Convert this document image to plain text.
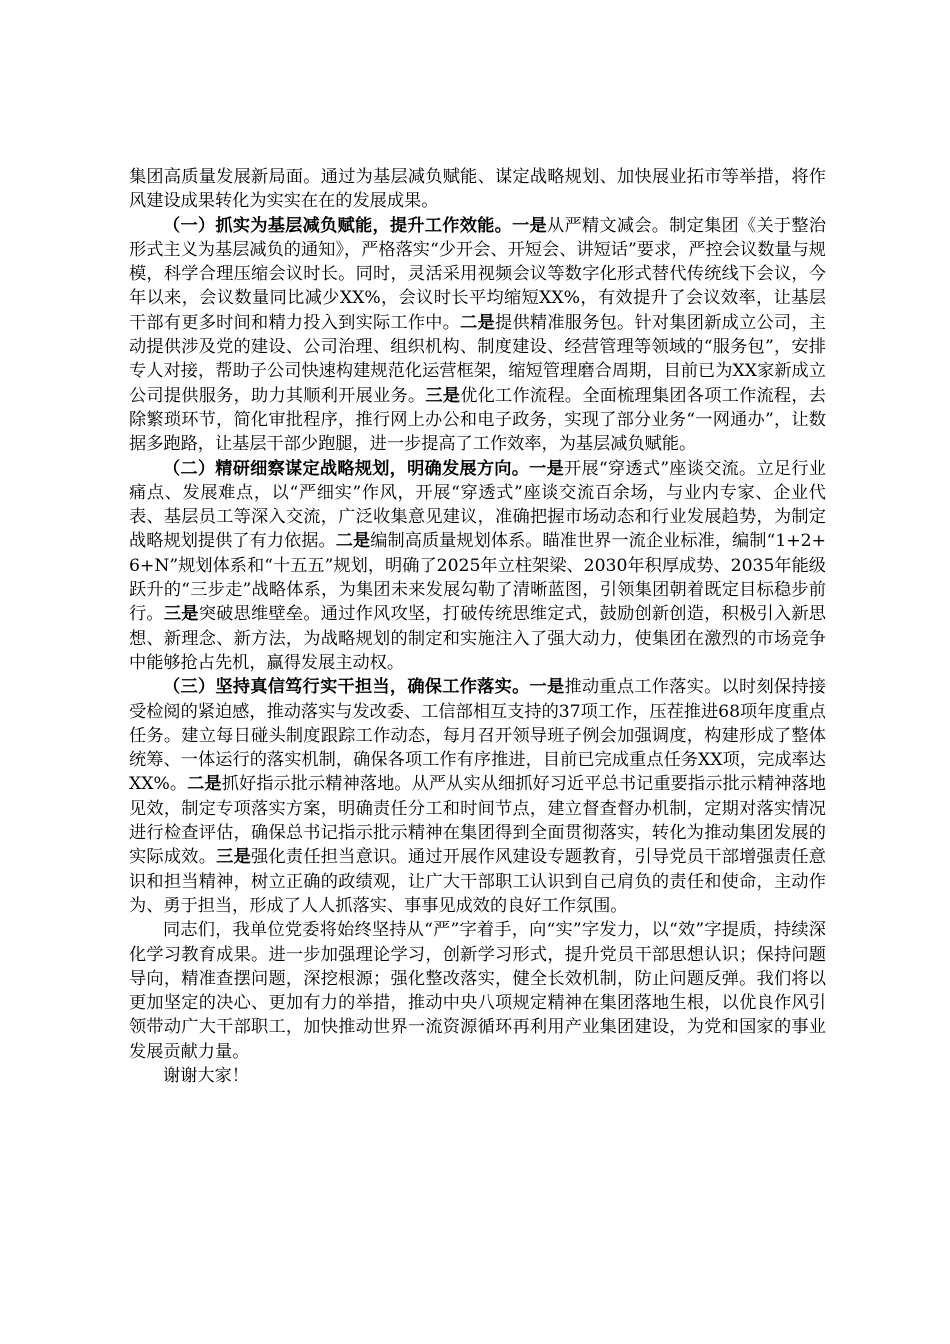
集团高质量发展新局面。通过为基层减负赋能、谋定战略规划、加快展业拓市等举措，将作风建设成果转化为实实在在的发展成果。

（一）抓实为基层减负赋能，提升工作效能。一是从严精文减会。制定集团《关于整治形式主义为基层减负的通知》，严格落实“少开会、开短会、讲短话”要求，严控会议数量与规模，科学合理压缩会议时长。同时，灵活采用视频会议等数字化形式替代传统线下会议，今年以来，会议数量同比减少XX%，会议时长平均缩短XX%，有效提升了会议效率，让基层干部有更多时间和精力投入到实际工作中。二是提供精准服务包。针对集团新成立公司，主动提供涉及党的建设、公司治理、组织机构、制度建设、经营管理等领域的“服务包”，安排专人对接，帮助子公司快速构建规范化运营框架，缩短管理磨合周期，目前已为XX家新成立公司提供服务，助力其顺利开展业务。三是优化工作流程。全面梳理集团各项工作流程，去除繁琐环节，简化审批程序，推行网上办公和电子政务，实现了部分业务“一网通办”，让数据多跑路，让基层干部少跑腿，进一步提高了工作效率，为基层减负赋能。

（二）精研细察谋定战略规划，明确发展方向。一是开展“穿透式”座谈交流。立足行业痛点、发展难点，以“严细实”作风，开展“穿透式”座谈交流百余场，与业内专家、企业代表、基层员工等深入交流，广泛收集意见建议，准确把握市场动态和行业发展趋势，为制定战略规划提供了有力依据。二是编制高质量规划体系。瞄准世界一流企业标准，编制“1+2+6+N”规划体系和“十五五”规划，明确了2025年立柱架梁、2030年积厚成势、2035年能级跃升的“三步走”战略体系，为集团未来发展勾勒了清晰蓝图，引领集团朝着既定目标稳步前行。三是突破思维壁垒。通过作风攻坚，打破传统思维定式，鼓励创新创造，积极引入新思想、新理念、新方法，为战略规划的制定和实施注入了强大动力，使集团在激烈的市场竞争中能够抢占先机，赢得发展主动权。

（三）坚持真信笃行实干担当，确保工作落实。一是推动重点工作落实。以时刻保持接受检阅的紧迫感，推动落实与发改委、工信部相互支持的37项工作，压茬推进68项年度重点任务。建立每日碰头制度跟踪工作动态，每月召开领导班子例会加强调度，构建形成了整体统筹、一体运行的落实机制，确保各项工作有序推进，目前已完成重点任务XX项，完成率达XX%。二是抓好指示批示精神落地。从严从实从细抓好习近平总书记重要指示批示精神落地见效，制定专项落实方案，明确责任分工和时间节点，建立督查督办机制，定期对落实情况进行检查评估，确保总书记指示批示精神在集团得到全面贯彻落实，转化为推动集团发展的实际成效。三是强化责任担当意识。通过开展作风建设专题教育，引导党员干部增强责任意识和担当精神，树立正确的政绩观，让广大干部职工认识到自己肩负的责任和使命，主动作为、勇于担当，形成了人人抓落实、事事见成效的良好工作氛围。

同志们，我单位党委将始终坚持从“严”字着手，向“实”字发力，以“效”字提质，持续深化学习教育成果。进一步加强理论学习，创新学习形式，提升党员干部思想认识；保持问题导向，精准查摆问题，深挖根源；强化整改落实，健全长效机制，防止问题反弹。我们将以更加坚定的决心、更加有力的举措，推动中央八项规定精神在集团落地生根，以优良作风引领带动广大干部职工，加快推动世界一流资源循环再利用产业集团建设，为党和国家的事业发展贡献力量。

谢谢大家！
